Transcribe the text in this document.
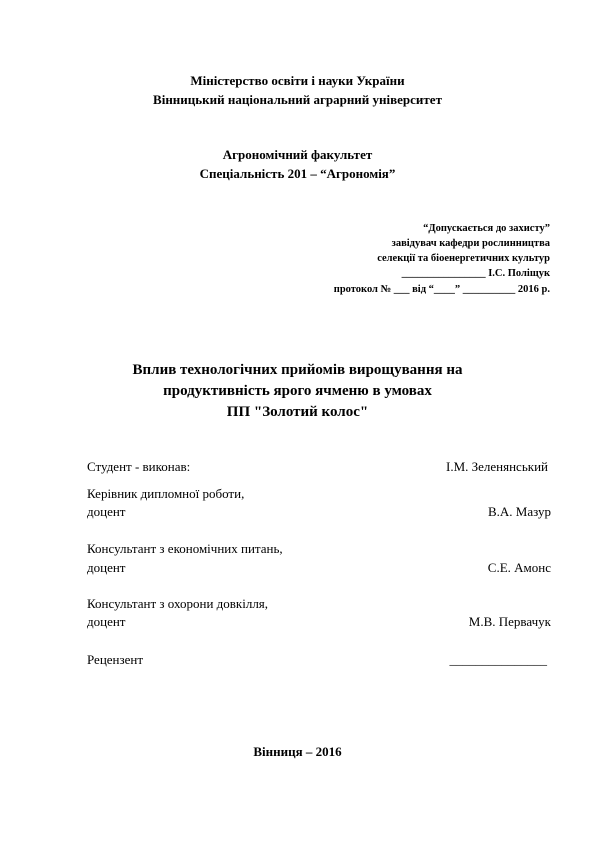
Міністерство освіти і науки України
Вінницький національний аграрний університет
Агрономічний факультет
Спеціальність 201 – “Агрономія”
“Допускається до захисту”
завідувач кафедри рослинництва
селекції та біоенергетичних культур
________________ І.С. Поліщук
протокол № ___ від “____” __________ 2016 р.
Вплив технологічних прийомів вирощування на
продуктивність ярого ячменю в умовах
ПП "Золотий колос"
Студент - виконав:	І.М. Зеленянський
Керівник дипломної роботи,
доцент	В.А. Мазур
Консультант з економічних питань,
доцент	С.Е. Амонс
Консультант з охорони довкілля,
доцент	М.В. Первачук
Рецензент	_______________
Вінниця – 2016
